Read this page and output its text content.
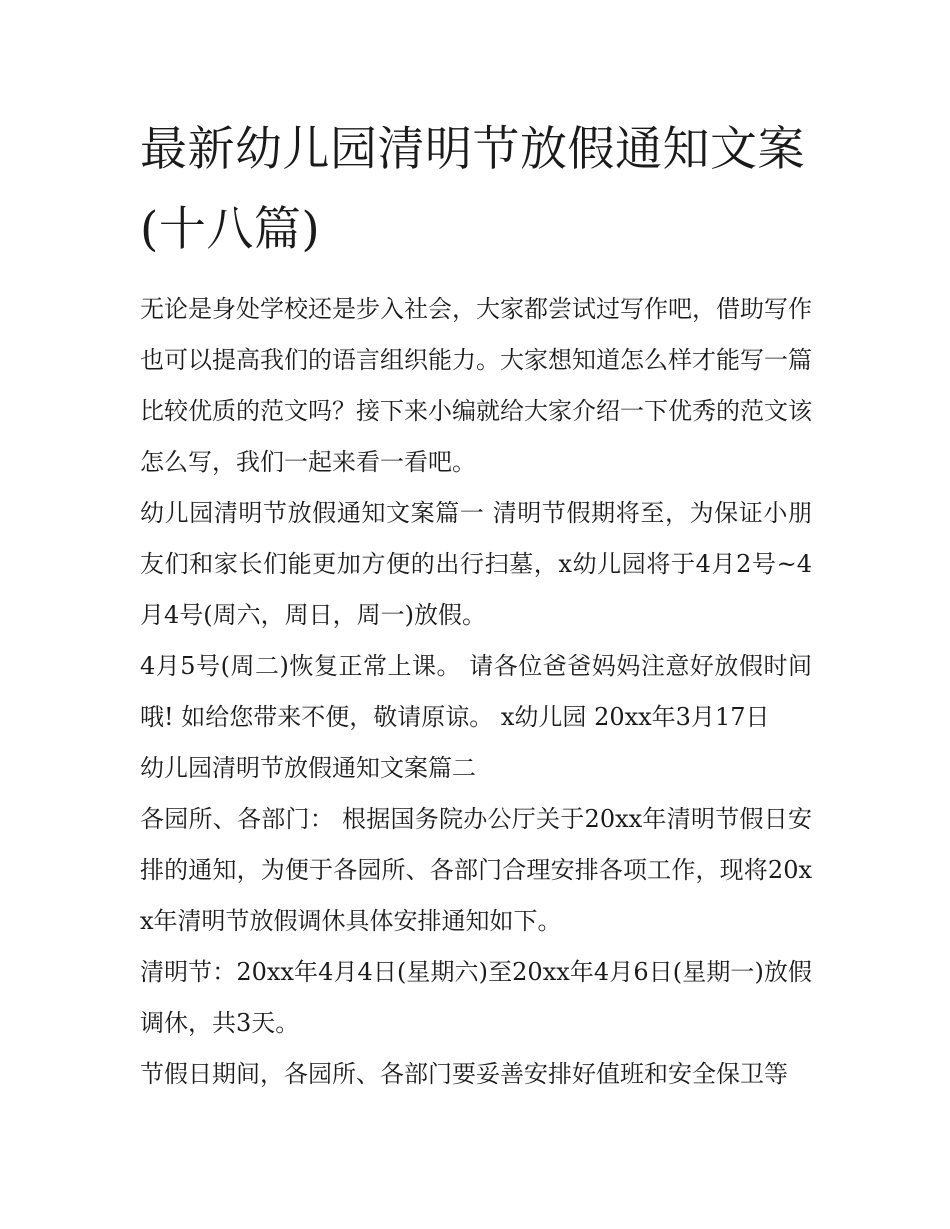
最新幼儿园清明节放假通知文案(十八篇)

无论是身处学校还是步入社会，大家都尝试过写作吧，借助写作也可以提高我们的语言组织能力。大家想知道怎么样才能写一篇比较优质的范文吗？接下来小编就给大家介绍一下优秀的范文该怎么写，我们一起来看一看吧。

幼儿园清明节放假通知文案篇一 清明节假期将至，为保证小朋友们和家长们能更加方便的出行扫墓，x幼儿园将于4月2号~4月4号(周六，周日，周一)放假。

4月5号(周二)恢复正常上课。 请各位爸爸妈妈注意好放假时间哦! 如给您带来不便，敬请原谅。 x幼儿园 20xx年3月17日

幼儿园清明节放假通知文案篇二

各园所、各部门： 根据国务院办公厅关于20xx年清明节假日安排的通知，为便于各园所、各部门合理安排各项工作，现将20xx年清明节放假调休具体安排通知如下。

清明节：20xx年4月4日(星期六)至20xx年4月6日(星期一)放假调休，共3天。

节假日期间，各园所、各部门要妥善安排好值班和安全保卫等
